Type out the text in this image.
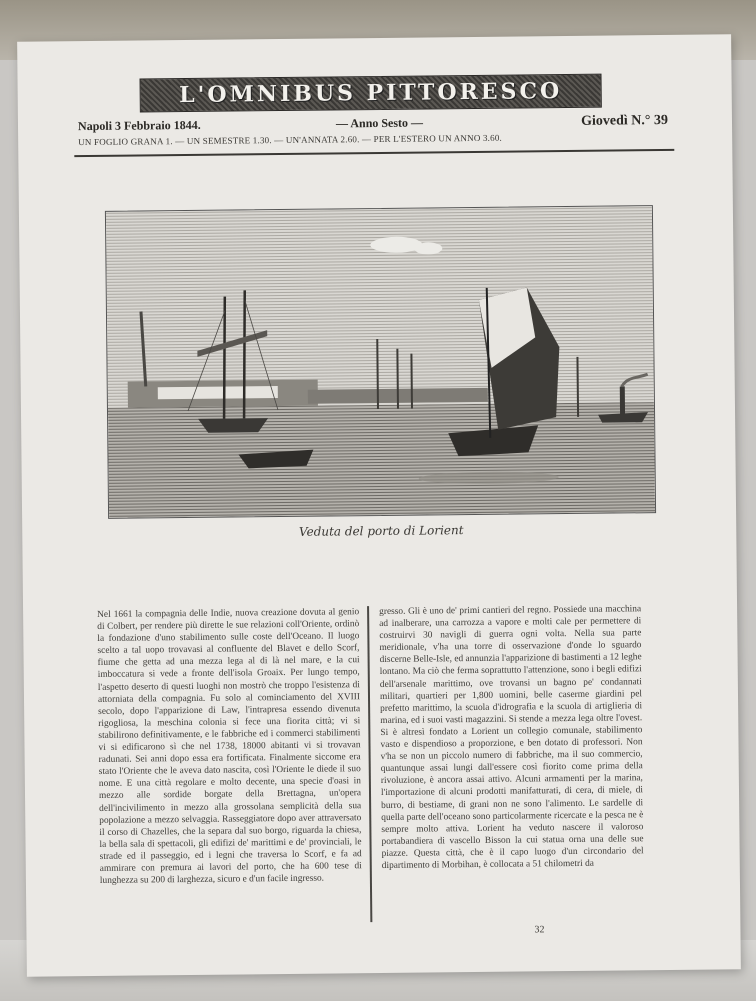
L'OMNIBUS PITTORESCO
Napoli 3 Febbraio 1844.	— Anno Sesto —	Giovedì N.° 39
UN FOGLIO GRANA 1. — UN SEMESTRE 1.30. — UN'ANNATA 2.60. — PER L'ESTERO UN ANNO 3.60.
Veduta del porto di Lorient
Nel 1661 la compagnia delle Indie, nuova creazione dovuta al genio di Colbert, per rendere più dirette le sue relazioni coll'Oriente, ordinò la fondazione d'uno stabilimento sulle coste dell'Oceano. Il luogo scelto a tal uopo trovavasi al confluente del Blavet e dello Scorf, fiume che getta ad una mezza lega al di là nel mare, e la cui imboccatura si vede a fronte dell'isola Groaix. Per lungo tempo, l'aspetto deserto di questi luoghi non mostrò che troppo l'esistenza di attorniata della compagnia. Fu solo al cominciamento del XVIII secolo, dopo l'apparizione di Law, l'intrapresa essendo divenuta rigogliosa, la meschina colonia si fece una fiorita città; vi si stabilirono definitivamente, e le fabbriche ed i commerci stabilimenti vi si edificarono sì che nel 1738, 18000 abitanti vi si trovavan radunati. Sei anni dopo essa era fortificata. Finalmente siccome era stato l'Oriente che le aveva dato nascita, così l'Oriente le diede il suo nome. E una città regolare e molto decente, una specie d'oasi in mezzo alle sordide borgate della Brettagna, un'opera dell'incivilimento in mezzo alla grossolana semplicità della sua popolazione a mezzo selvaggia. Rasseggiatore dopo aver attraversato il corso di Chazelles, che la separa dal suo borgo, riguarda la chiesa, la bella sala di spettacoli, gli edifizi de' marittimi e de' provinciali, le strade ed il passeggio, ed i legni che traversa lo Scorf, e fa ad ammirare con premura ai lavori del porto, che ha 600 tese di lunghezza su 200 di larghezza, sicuro e d'un facile ingresso.
gresso. Gli è uno de' primi cantieri del regno. Possiede una macchina ad inalberare, una carrozza a vapore e molti cale per permettere di costruirvi 30 navigli di guerra ogni volta. Nella sua parte meridionale, v'ha una torre di osservazione d'onde lo sguardo discerne Belle-Isle, ed annunzia l'apparizione di bastimenti a 12 leghe lontano. Ma ciò che ferma soprattutto l'attenzione, sono i begli edifizi dell'arsenale marittimo, ove trovansi un bagno pe' condannati militari, quartieri per 1,800 uomini, belle caserme giardini pel prefetto marittimo, la scuola d'idrografia e la scuola di artiglieria di marina, ed i suoi vasti magazzini. Si stende a mezza lega oltre l'ovest. Si è altresì fondato a Lorient un collegio comunale, stabilimento vasto e dispendioso a proporzione, e ben dotato di professori. Non v'ha se non un piccolo numero di fabbriche, ma il suo commercio, quantunque assai lungi dall'essere così fiorito come prima della rivoluzione, è ancora assai attivo. Alcuni armamenti per la marina, l'importazione di alcuni prodotti manifatturati, di cera, di miele, di burro, di bestiame, di grani non ne sono l'alimento. Le sardelle di quella parte dell'oceano sono particolarmente ricercate e la pesca ne è sempre molto attiva. Lorient ha veduto nascere il valoroso portabandiera di vascello Bisson la cui statua orna una delle sue piazze. Questa città, che è il capo luogo d'un circondario del dipartimento di Morbihan, è collocata a 51 chilometri da
32
